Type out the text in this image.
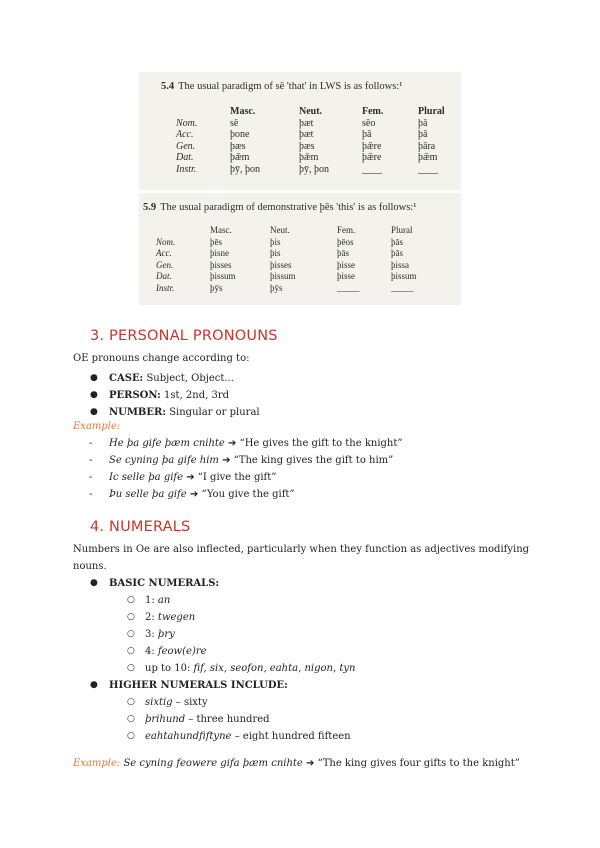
5.4 The usual paradigm of sē 'that' in LWS is as follows:¹
	Masc.	Neut.	Fem.	Plural
Nom.	sē	þæt	sēo	þā
Acc.	þone	þæt	þā	þā
Gen.	þæs	þæs	þǣre	þāra
Dat.	þǣm	þǣm	þǣre	þǣm
Instr.	þȳ, þon	þȳ, þon	____	____
5.9 The usual paradigm of demonstrative þēs 'this' is as follows:¹
	Masc.	Neut.	Fem.	Plural
Nom.	þēs	þis	þēos	þās
Acc.	þisne	þis	þās	þās
Gen.	þisses	þisses	þisse	þissa
Dat.	þissum	þissum	þisse	þissum
Instr.	þȳs	þȳs	_____	_____
3. PERSONAL PRONOUNS
OE pronouns change according to:
● CASE: Subject, Object...
● PERSON: 1st, 2nd, 3rd
● NUMBER: Singular or plural
Example:
- He þa gife þæm cnihte ➔ “He gives the gift to the knight”
- Se cyning þa gife him ➔ “The king gives the gift to him”
- Ic selle þa gife ➔ “I give the gift”
- Þu selle þa gife ➔ “You give the gift”
4. NUMERALS
Numbers in Oe are also inflected, particularly when they function as adjectives modifying
nouns.
● BASIC NUMERALS:
○ 1: an
○ 2: twegen
○ 3: þry
○ 4: feow(e)re
○ up to 10: fif, six, seofon, eahta, nigon, tyn
● HIGHER NUMERALS INCLUDE:
○ sixtig – sixty
○ þrihund – three hundred
○ eahtahundfiftyne – eight hundred fifteen
Example: Se cyning feowere gifa þæm cnihte ➔ “The king gives four gifts to the knight”
